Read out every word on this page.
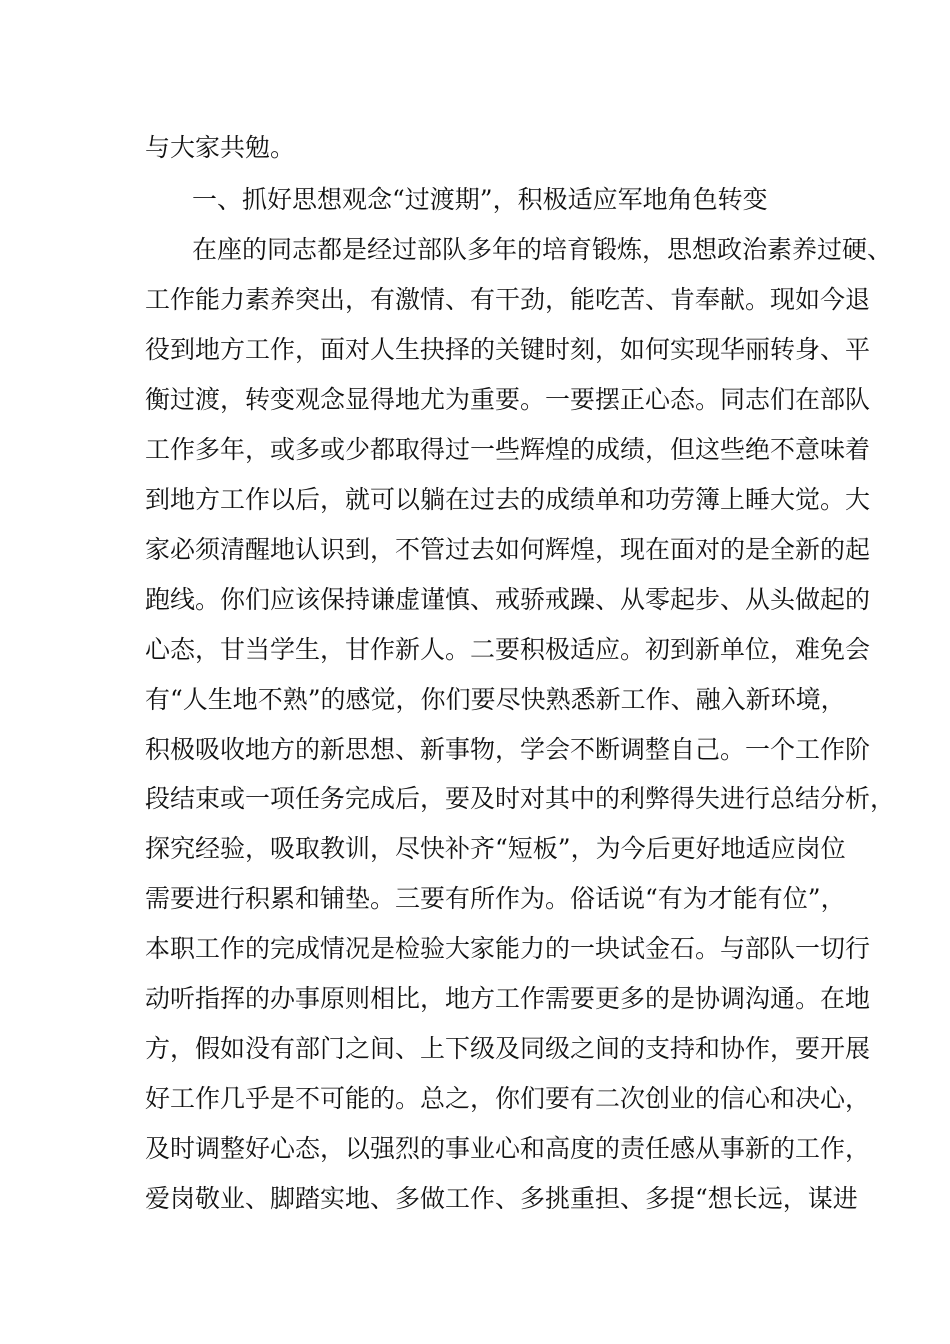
与大家共勉。
一、抓好思想观念“过渡期”，积极适应军地角色转变
在座的同志都是经过部队多年的培育锻炼，思想政治素养过硬、
工作能力素养突出，有激情、有干劲，能吃苦、肯奉献。现如今退
役到地方工作，面对人生抉择的关键时刻，如何实现华丽转身、平
衡过渡，转变观念显得地尤为重要。一要摆正心态。同志们在部队
工作多年，或多或少都取得过一些辉煌的成绩，但这些绝不意味着
到地方工作以后，就可以躺在过去的成绩单和功劳簿上睡大觉。大
家必须清醒地认识到，不管过去如何辉煌，现在面对的是全新的起
跑线。你们应该保持谦虚谨慎、戒骄戒躁、从零起步、从头做起的
心态，甘当学生，甘作新人。二要积极适应。初到新单位，难免会
有“人生地不熟”的感觉，你们要尽快熟悉新工作、融入新环境，
积极吸收地方的新思想、新事物，学会不断调整自己。一个工作阶
段结束或一项任务完成后，要及时对其中的利弊得失进行总结分析，
探究经验，吸取教训，尽快补齐“短板”，为今后更好地适应岗位
需要进行积累和铺垫。三要有所作为。俗话说“有为才能有位”，
本职工作的完成情况是检验大家能力的一块试金石。与部队一切行
动听指挥的办事原则相比，地方工作需要更多的是协调沟通。在地
方，假如没有部门之间、上下级及同级之间的支持和协作，要开展
好工作几乎是不可能的。总之，你们要有二次创业的信心和决心，
及时调整好心态，以强烈的事业心和高度的责任感从事新的工作，
爱岗敬业、脚踏实地、多做工作、多挑重担、多提“想长远，谋进
